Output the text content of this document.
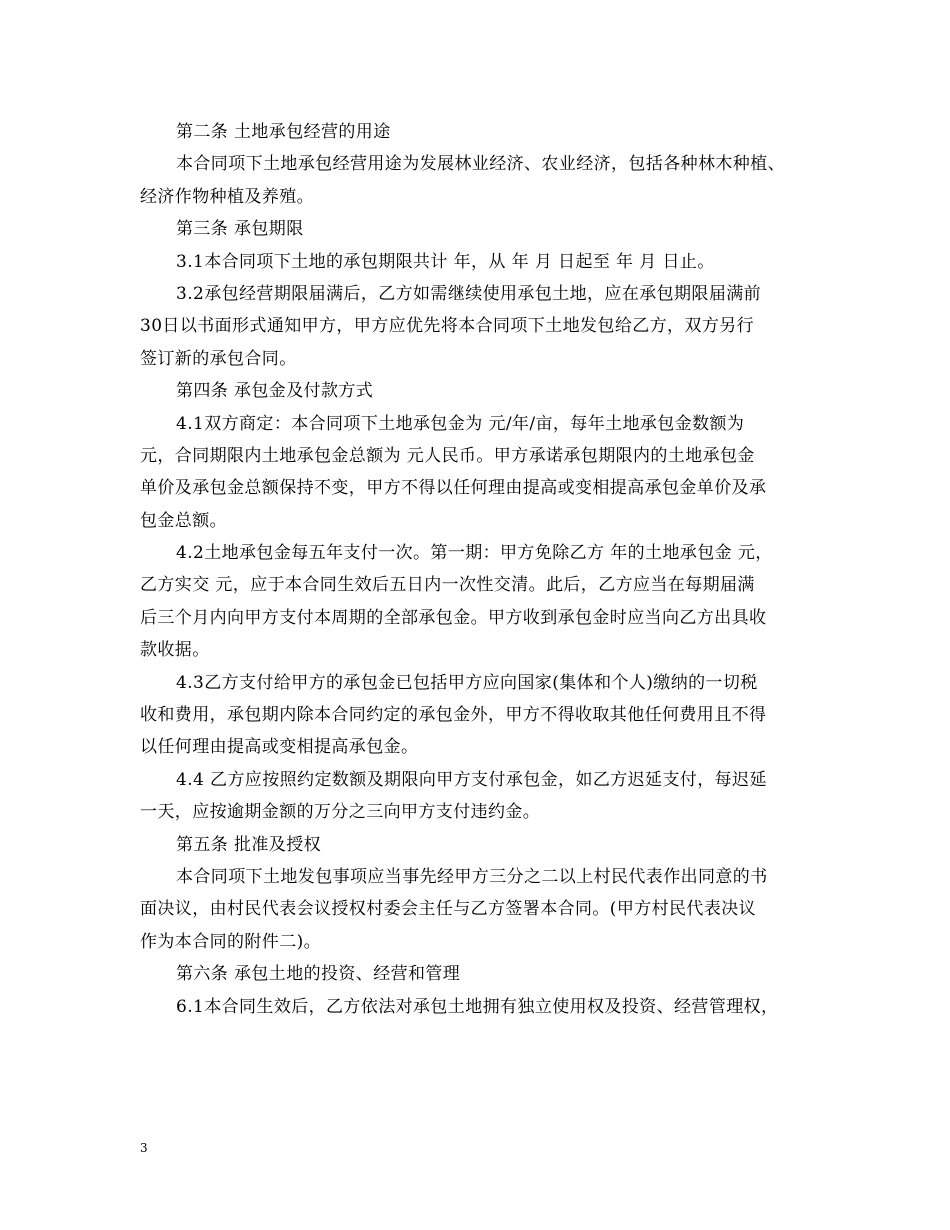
第二条 土地承包经营的用途
本合同项下土地承包经营用途为发展林业经济、农业经济，包括各种林木种植、
经济作物种植及养殖。
第三条 承包期限
3.1本合同项下土地的承包期限共计 年，从 年 月 日起至 年 月 日止。
3.2承包经营期限届满后，乙方如需继续使用承包土地，应在承包期限届满前
30日以书面形式通知甲方，甲方应优先将本合同项下土地发包给乙方，双方另行
签订新的承包合同。
第四条 承包金及付款方式
4.1双方商定：本合同项下土地承包金为 元/年/亩，每年土地承包金数额为
元，合同期限内土地承包金总额为 元人民币。甲方承诺承包期限内的土地承包金
单价及承包金总额保持不变，甲方不得以任何理由提高或变相提高承包金单价及承
包金总额。
4.2土地承包金每五年支付一次。第一期：甲方免除乙方 年的土地承包金 元，
乙方实交 元，应于本合同生效后五日内一次性交清。此后，乙方应当在每期届满
后三个月内向甲方支付本周期的全部承包金。甲方收到承包金时应当向乙方出具收
款收据。
4.3乙方支付给甲方的承包金已包括甲方应向国家(集体和个人)缴纳的一切税
收和费用，承包期内除本合同约定的承包金外，甲方不得收取其他任何费用且不得
以任何理由提高或变相提高承包金。
4.4 乙方应按照约定数额及期限向甲方支付承包金，如乙方迟延支付，每迟延
一天，应按逾期金额的万分之三向甲方支付违约金。
第五条 批准及授权
本合同项下土地发包事项应当事先经甲方三分之二以上村民代表作出同意的书
面决议，由村民代表会议授权村委会主任与乙方签署本合同。(甲方村民代表决议
作为本合同的附件二)。
第六条 承包土地的投资、经营和管理
6.1本合同生效后，乙方依法对承包土地拥有独立使用权及投资、经营管理权，
3
